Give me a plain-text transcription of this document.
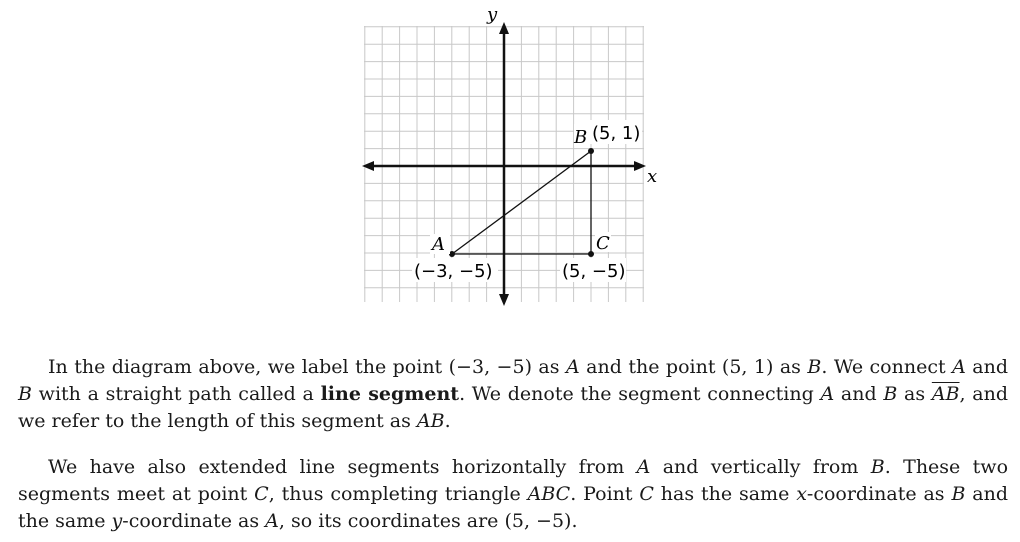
x
y
A
(−3, −5)
B (5, 1)
C
(5, −5)

In the diagram above, we label the point (−3, −5) as A and the point (5, 1) as B. We connect A and B with a straight path called a line segment. We denote the segment connecting A and B as $\overline{AB}$, and we refer to the length of this segment as AB.

We have also extended line segments horizontally from A and vertically from B. These two segments meet at point C, thus completing triangle ABC. Point C has the same x-coordinate as B and the same y-coordinate as A, so its coordinates are (5, −5).
